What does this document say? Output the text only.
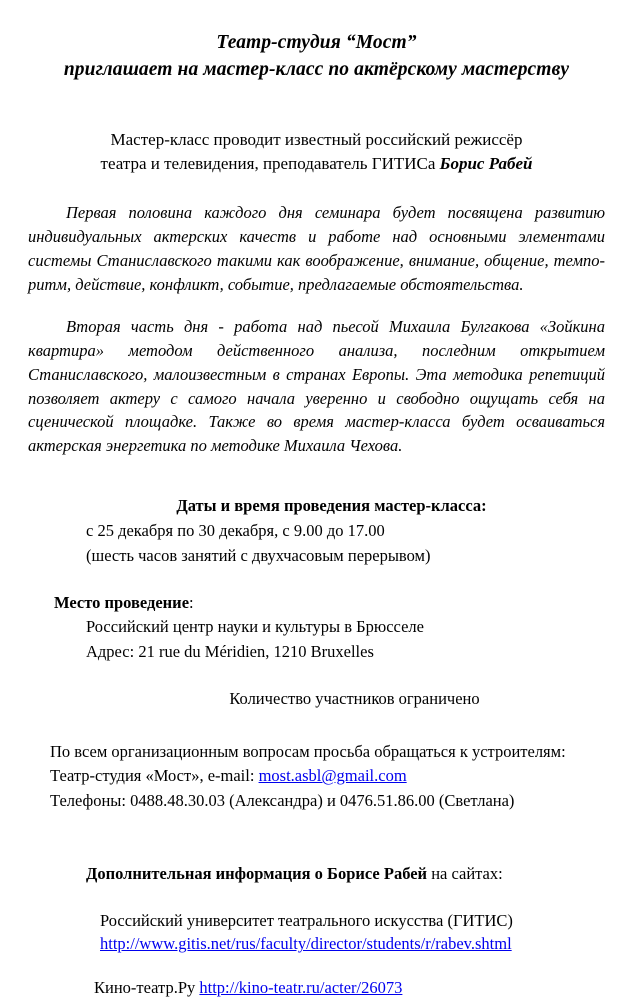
Театр-студия “Мост”
приглашает на мастер-класс по актёрскому мастерству
Мастер-класс проводит известный российский режиссёр
театра и телевидения, преподаватель ГИТИСа Борис Рабей
Первая половина каждого дня семинара будет посвящена развитию индивидуальных актерских качеств и работе над основными элементами системы Станиславского такими как воображение, внимание, общение, темпо-ритм, действие, конфликт, событие, предлагаемые обстоятельства.
Вторая часть дня - работа над пьесой Михаила Булгакова «Зойкина квартира» методом действенного анализа, последним открытием Станиславского, малоизвестным в странах Европы. Эта методика репетиций позволяет актеру с самого начала уверенно и свободно ощущать себя на сценической площадке. Также во время мастер-класса будет осваиваться актерская энергетика по методике Михаила Чехова.
Даты и время проведения мастер-класса:
с 25 декабря по 30 декабря, с 9.00 до 17.00
(шесть часов занятий с двухчасовым перерывом)
Место проведение:
Российский центр науки и культуры в Брюсселе
Адрес: 21 rue du Méridien, 1210 Bruxelles
Количество участников ограничено
По всем организационным вопросам просьба обращаться к устроителям:
Театр-студия «Мост», e-mail: most.asbl@gmail.com
Телефоны: 0488.48.30.03 (Александра) и 0476.51.86.00 (Светлана)
Дополнительная информация о Борисе Рабей на сайтах:
Российский университет театрального искусства (ГИТИС)
http://www.gitis.net/rus/faculty/director/students/r/rabev.shtml
Кино-театр.Ру http://kino-teatr.ru/acter/26073
